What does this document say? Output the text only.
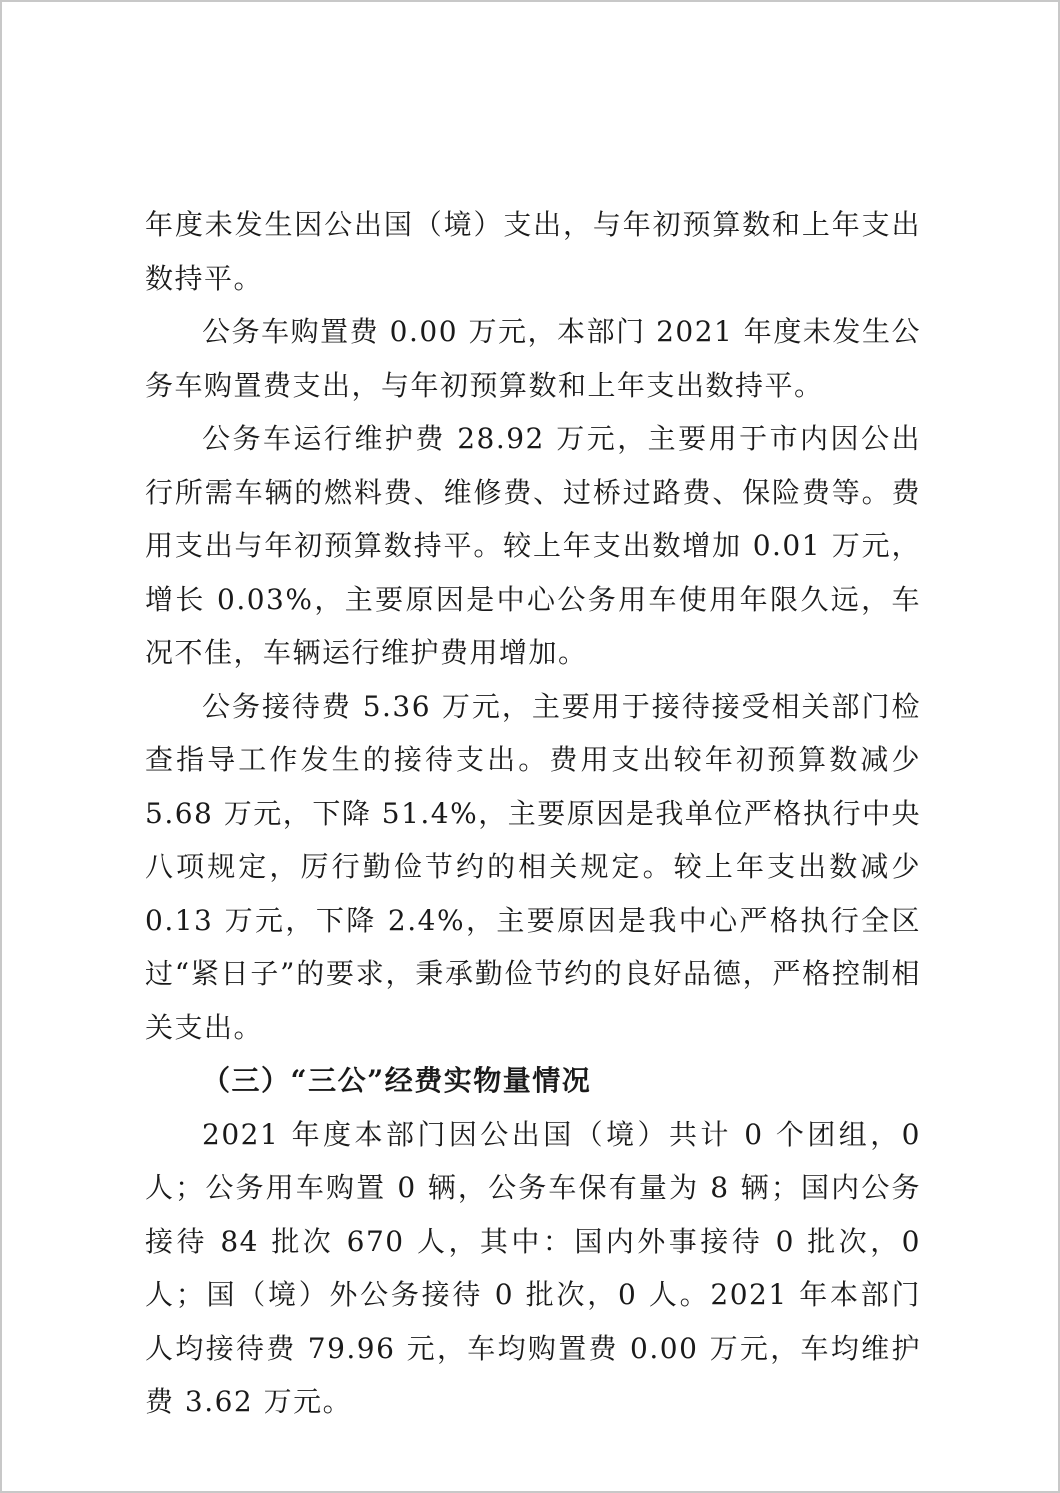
年度未发生因公出国（境）支出，与年初预算数和上年支出数持平。

公务车购置费 0.00 万元，本部门 2021 年度未发生公务车购置费支出，与年初预算数和上年支出数持平。

公务车运行维护费 28.92 万元，主要用于市内因公出行所需车辆的燃料费、维修费、过桥过路费、保险费等。费用支出与年初预算数持平。较上年支出数增加 0.01 万元，增长 0.03%，主要原因是中心公务用车使用年限久远，车况不佳，车辆运行维护费用增加。

公务接待费 5.36 万元，主要用于接待接受相关部门检查指导工作发生的接待支出。费用支出较年初预算数减少 5.68 万元，下降 51.4%，主要原因是我单位严格执行中央八项规定，厉行勤俭节约的相关规定。较上年支出数减少 0.13 万元，下降 2.4%，主要原因是我中心严格执行全区过“紧日子”的要求，秉承勤俭节约的良好品德，严格控制相关支出。

（三）“三公”经费实物量情况

2021 年度本部门因公出国（境）共计 0 个团组，0 人；公务用车购置 0 辆，公务车保有量为 8 辆；国内公务接待 84 批次 670 人，其中：国内外事接待 0 批次，0 人；国（境）外公务接待 0 批次，0 人。2021 年本部门人均接待费 79.96 元，车均购置费 0.00 万元，车均维护费 3.62 万元。
